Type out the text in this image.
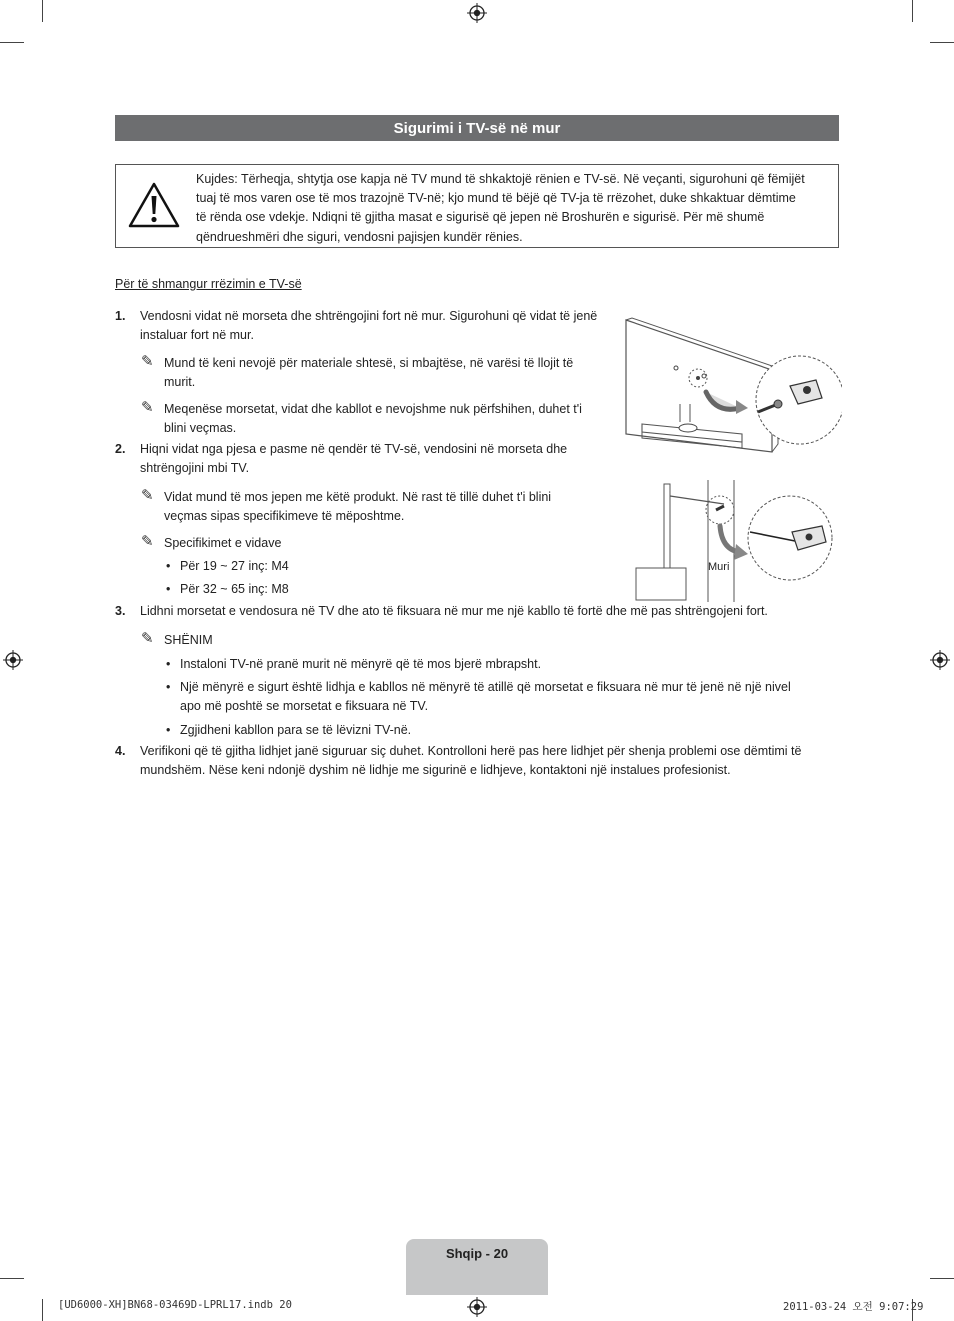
Sigurimi i TV-së në mur
Kujdes: Tërheqja, shtytja ose kapja në TV mund të shkaktojë rënien e TV-së. Në veçanti, sigurohuni që fëmijët
tuaj të mos varen ose të mos trazojnë TV-në; kjo mund të bëjë që TV-ja të rrëzohet, duke shkaktuar dëmtime
të rënda ose vdekje. Ndiqni të gjitha masat e sigurisë që jepen në Broshurën e sigurisë. Për më shumë
qëndrueshmëri dhe siguri, vendosni pajisjen kundër rënies.
Për të shmangur rrëzimin e TV-së
1. Vendosni vidat në morseta dhe shtrëngojini fort në mur. Sigurohuni që vidat të jenë
instaluar fort në mur.
✎ Mund të keni nevojë për materiale shtesë, si mbajtëse, në varësi të llojit të
murit.
✎ Meqenëse morsetat, vidat dhe kabllot e nevojshme nuk përfshihen, duhet t'i
blini veçmas.
2. Hiqni vidat nga pjesa e pasme në qendër të TV-së, vendosini në morseta dhe
shtrëngojini mbi TV.
✎ Vidat mund të mos jepen me këtë produkt. Në rast të tillë duhet t'i blini
veçmas sipas specifikimeve të mëposhtme.
✎ Specifikimet e vidave
• Për 19 ~ 27 inç: M4
• Për 32 ~ 65 inç: M8
3. Lidhni morsetat e vendosura në TV dhe ato të fiksuara në mur me një kabllo të fortë dhe më pas shtrëngojeni fort.
✎ SHËNIM
• Instaloni TV-në pranë murit në mënyrë që të mos bjerë mbrapsht.
• Një mënyrë e sigurt është lidhja e kabllos në mënyrë të atillë që morsetat e fiksuara në mur të jenë në një nivel
apo më poshtë se morsetat e fiksuara në TV.
• Zgjidheni kabllon para se të lëvizni TV-në.
4. Verifikoni që të gjitha lidhjet janë siguruar siç duhet. Kontrolloni herë pas here lidhjet për shenja problemi ose dëmtimi të
mundshëm. Nëse keni ndonjë dyshim në lidhje me sigurinë e lidhjeve, kontaktoni një instalues profesionist.
Muri
Shqip - 20
[UD6000-XH]BN68-03469D-LPRL17.indb 20	2011-03-24 오전 9:07:29
